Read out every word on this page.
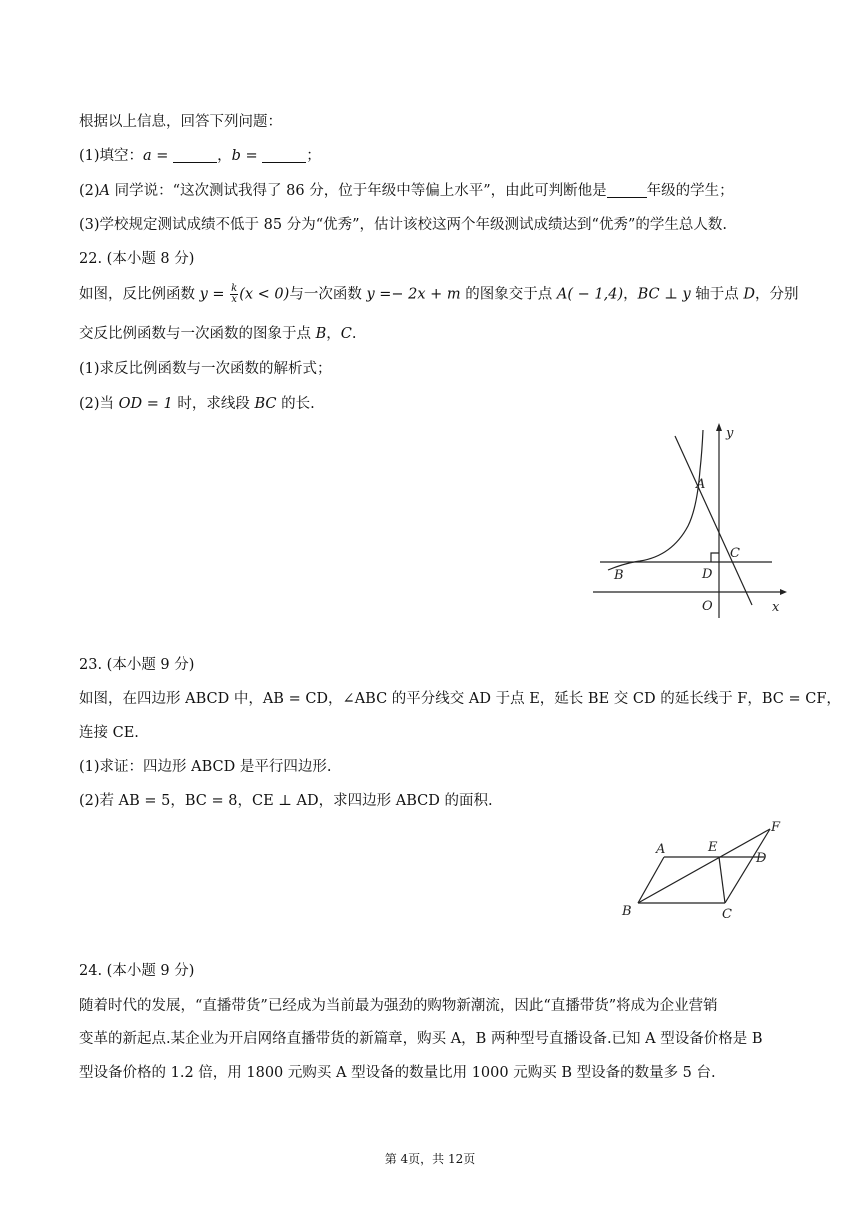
根据以上信息，回答下列问题：
(1)填空：a =	，b =	；
(2)A 同学说：“这次测试我得了 86 分，位于年级中等偏上水平”，由此可判断他是	年级的学生；
(3)学校规定测试成绩不低于 85 分为“优秀”，估计该校这两个年级测试成绩达到“优秀”的学生总人数.
22. (本小题 8 分)
如图，反比例函数 $y = \frac{k}{x} (x < 0)$与一次函数 y =− 2x + m 的图象交于点 A( − 1,4)，BC ⊥ y 轴于点 D，分别
交反比例函数与一次函数的图象于点 B，C.
(1)求反比例函数与一次函数的解析式；
(2)当 OD = 1 时，求线段 BC 的长.
y
x
A
B
C
D
O
23. (本小题 9 分)
如图，在四边形 ABCD 中，AB = CD，∠ABC 的平分线交 AD 于点 E，延长 BE 交 CD 的延长线于 F，BC = CF，
连接 CE.
(1)求证：四边形 ABCD 是平行四边形.
(2)若 AB = 5，BC = 8，CE ⊥ AD，求四边形 ABCD 的面积.
A
B	C
D
E
F
24. (本小题 9 分)
随着时代的发展，“直播带货”已经成为当前最为强劲的购物新潮流，因此“直播带货”将成为企业营销
变革的新起点.某企业为开启网络直播带货的新篇章，购买 A，B 两种型号直播设备.已知 A 型设备价格是 B
型设备价格的 1.2 倍，用 1800 元购买 A 型设备的数量比用 1000 元购买 B 型设备的数量多 5 台.
第 4页，共 12页
